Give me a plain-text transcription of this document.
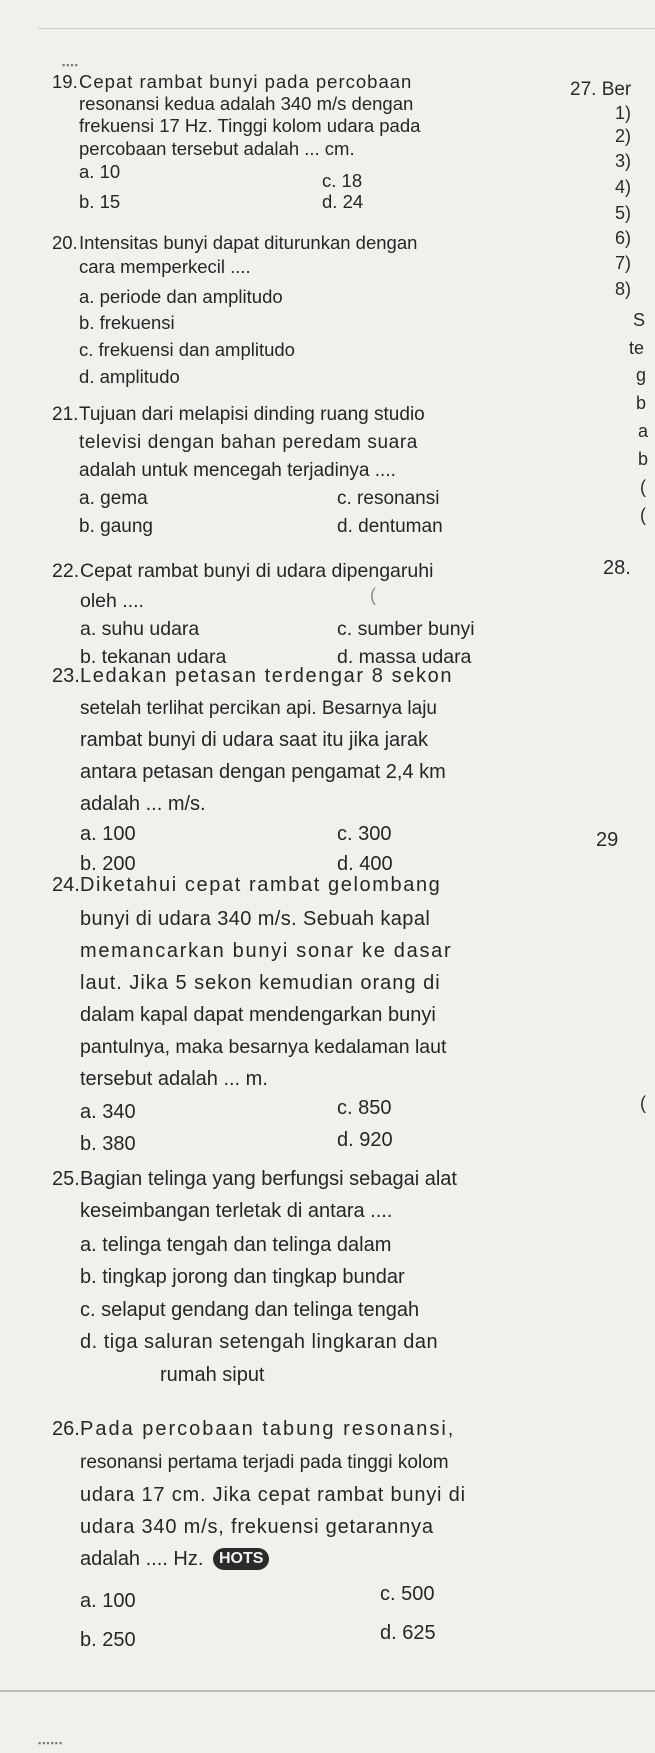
▪▪▪▪
19. Cepat rambat bunyi pada percobaan
resonansi kedua adalah 340 m/s dengan
frekuensi 17 Hz. Tinggi kolom udara pada
percobaan tersebut adalah ... cm.
a. 10	c. 18
b. 15	d. 24
20. Intensitas bunyi dapat diturunkan dengan
cara memperkecil ....
a. periode dan amplitudo
b. frekuensi
c. frekuensi dan amplitudo
d. amplitudo
21. Tujuan dari melapisi dinding ruang studio
televisi dengan bahan peredam suara
adalah untuk mencegah terjadinya ....
a. gema	c. resonansi
b. gaung	d. dentuman
22. Cepat rambat bunyi di udara dipengaruhi
oleh ....
a. suhu udara	c. sumber bunyi
b. tekanan udara	d. massa udara
23. Ledakan petasan terdengar 8 sekon
setelah terlihat percikan api. Besarnya laju
rambat bunyi di udara saat itu jika jarak
antara petasan dengan pengamat 2,4 km
adalah ... m/s.
a. 100	c. 300
b. 200	d. 400
24. Diketahui cepat rambat gelombang
bunyi di udara 340 m/s. Sebuah kapal
memancarkan bunyi sonar ke dasar
laut. Jika 5 sekon kemudian orang di
dalam kapal dapat mendengarkan bunyi
pantulnya, maka besarnya kedalaman laut
tersebut adalah ... m.
a. 340	c. 850
b. 380	d. 920
25. Bagian telinga yang berfungsi sebagai alat
keseimbangan terletak di antara ....
a. telinga tengah dan telinga dalam
b. tingkap jorong dan tingkap bundar
c. selaput gendang dan telinga tengah
d. tiga saluran setengah lingkaran dan
rumah siput
26. Pada percobaan tabung resonansi,
resonansi pertama terjadi pada tinggi kolom
udara 17 cm. Jika cepat rambat bunyi di
udara 340 m/s, frekuensi getarannya
adalah .... Hz. HOTS
a. 100	c. 500
b. 250	d. 625
27. Ber
1)
2)
3)
4)
5)
6)
7)
8)
S
te
g
b
a
b
(
(
28.
(
29
(
▪▪▪▪▪▪
